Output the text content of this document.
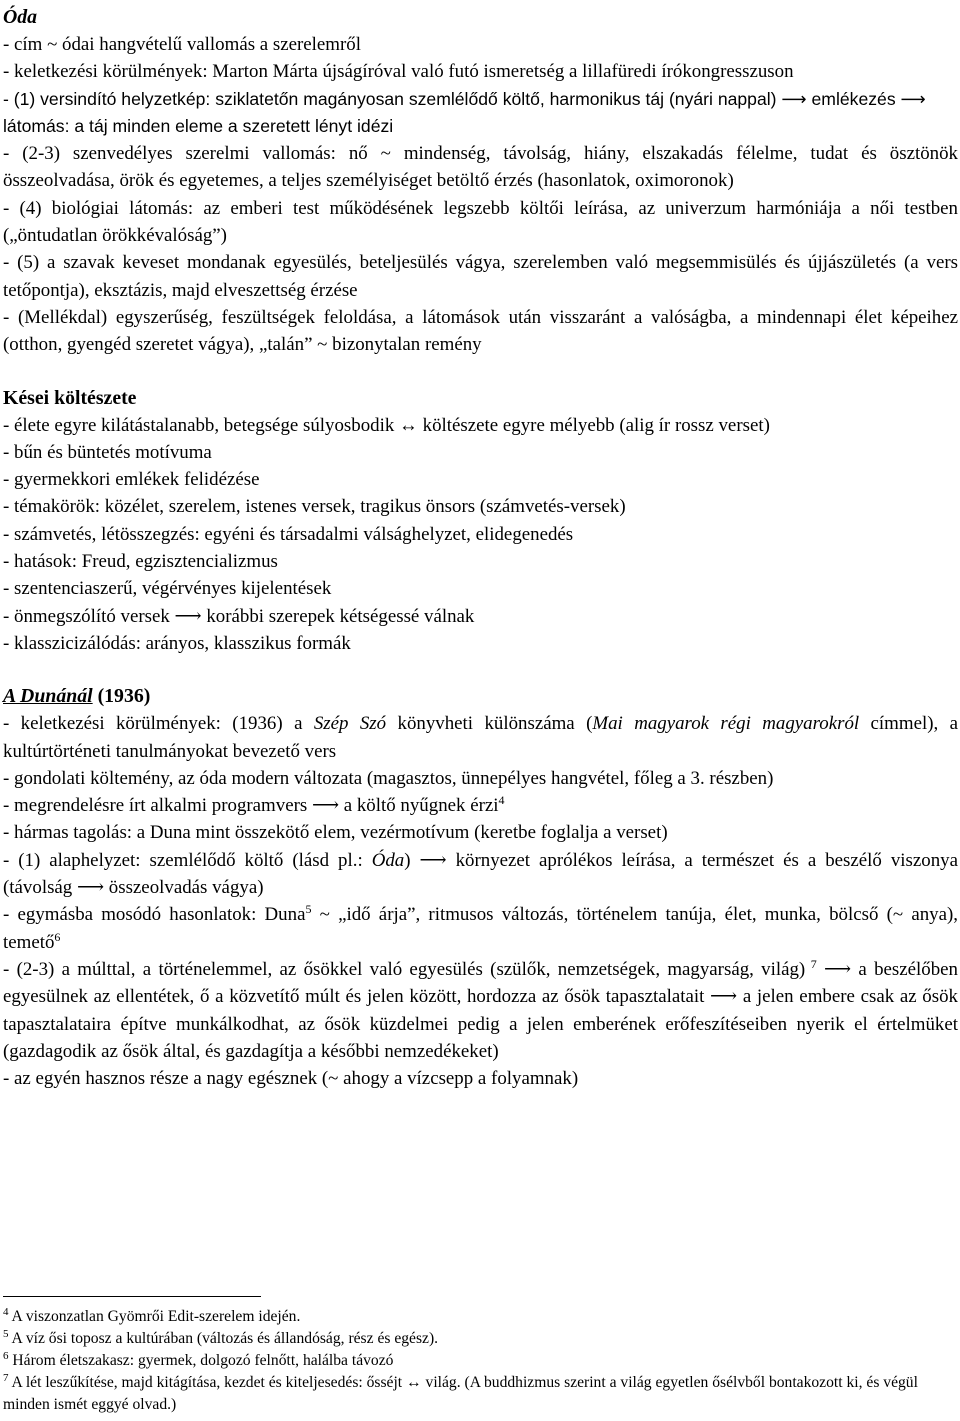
Óda

- cím ~ ódai hangvételű vallomás a szerelemről

- keletkezési körülmények: Marton Márta újságíróval való futó ismeretség a lillafüredi írókongresszuson

- (1) versindító helyzetkép: sziklatetőn magányosan szemlélődő költő, harmonikus táj (nyári nappal) ⟶ emlékezés ⟶ látomás: a táj minden eleme a szeretett lényt idézi

- (2-3) szenvedélyes szerelmi vallomás: nő ~ mindenség, távolság, hiány, elszakadás félelme, tudat és ösztönök összeolvadása, örök és egyetemes, a teljes személyiséget betöltő érzés (hasonlatok, oximoronok)

- (4) biológiai látomás: az emberi test működésének legszebb költői leírása, az univerzum harmóniája a női testben („öntudatlan örökkévalóság”)

- (5) a szavak keveset mondanak egyesülés, beteljesülés vágya, szerelemben való megsemmisülés és újjászületés (a vers tetőpontja), eksztázis, majd elveszettség érzése

- (Mellékdal) egyszerűség, feszültségek feloldása, a látomások után visszaránt a valóságba, a mindennapi élet képeihez (otthon, gyengéd szeretet vágya), „talán” ~ bizonytalan remény

Kései költészete

- élete egyre kilátástalanabb, betegsége súlyosbodik ↔ költészete egyre mélyebb (alig ír rossz verset)

- bűn és büntetés motívuma

- gyermekkori emlékek felidézése

- témakörök: közélet, szerelem, istenes versek, tragikus önsors (számvetés-versek)

- számvetés, létösszegzés: egyéni és társadalmi válsághelyzet, elidegenedés

- hatások: Freud, egzisztencializmus

- szentenciaszerű, végérvényes kijelentések

- önmegszólító versek ⟶ korábbi szerepek kétségessé válnak

- klasszicizálódás: arányos, klasszikus formák

A Dunánál (1936)

- keletkezési körülmények: (1936) a Szép Szó könyvheti különszáma (Mai magyarok régi magyarokról címmel), a kultúrtörténeti tanulmányokat bevezető vers

- gondolati költemény, az óda modern változata (magasztos, ünnepélyes hangvétel, főleg a 3. részben)

- megrendelésre írt alkalmi programvers ⟶ a költő nyűgnek érzi$^4$

- hármas tagolás: a Duna mint összekötő elem, vezérmotívum (keretbe foglalja a verset)

- (1) alaphelyzet: szemlélődő költő (lásd pl.: Óda) ⟶ környezet aprólékos leírása, a természet és a beszélő viszonya (távolság ⟶ összeolvadás vágya)

- egymásba mosódó hasonlatok: Duna$^5$ ~ „idő árja”, ritmusos változás, történelem tanúja, élet, munka, bölcső (~ anya), temető$^6$

- (2-3) a múlttal, a történelemmel, az ősökkel való egyesülés (szülők, nemzetségek, magyarság, világ) $^7$ ⟶ a beszélőben egyesülnek az ellentétek, ő a közvetítő múlt és jelen között, hordozza az ősök tapasztalatait ⟶ a jelen embere csak az ősök tapasztalataira építve munkálkodhat, az ősök küzdelmei pedig a jelen emberének erőfeszítéseiben nyerik el értelmüket (gazdagodik az ősök által, és gazdagítja a későbbi nemzedékeket)

- az egyén hasznos része a nagy egésznek (~ ahogy a vízcsepp a folyamnak)

$^4$ A viszonzatlan Gyömrői Edit-szerelem idején.

$^5$ A víz ősi toposz a kultúrában (változás és állandóság, rész és egész).

$^6$ Három életszakasz: gyermek, dolgozó felnőtt, halálba távozó

$^7$ A lét leszűkítése, majd kitágítása, kezdet és kiteljesedés: ősséjt ↔ világ. (A buddhizmus szerint a világ egyetlen ősélvből bontakozott ki, és végül minden ismét eggyé olvad.)
